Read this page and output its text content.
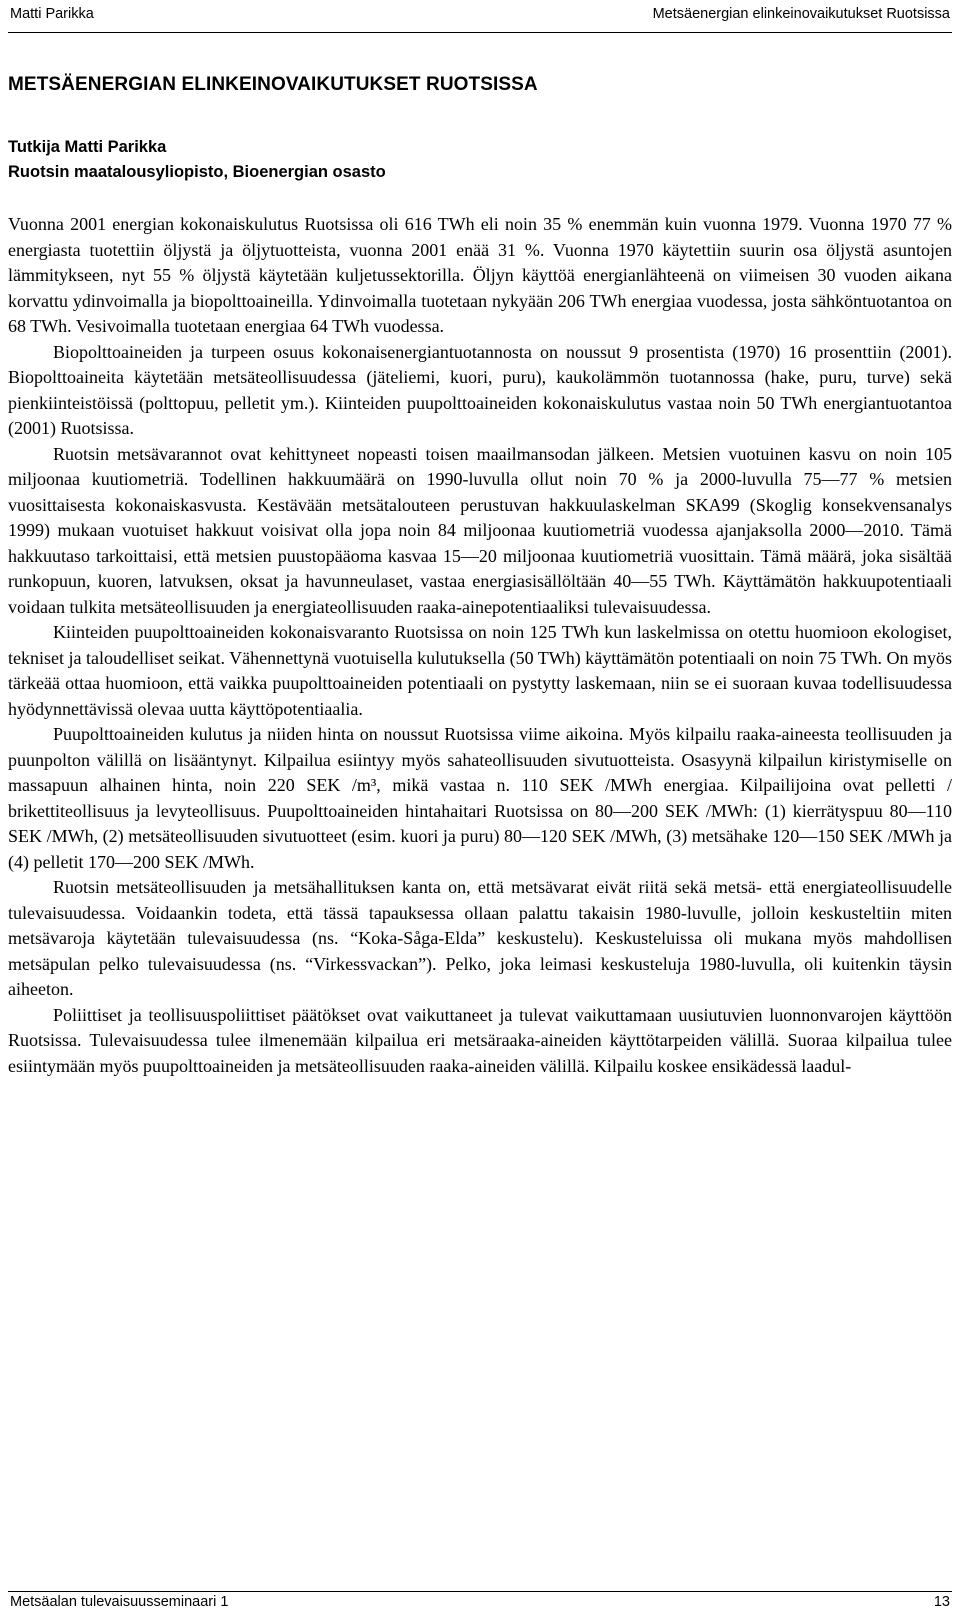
Matti Parikka	Metsäenergian elinkeinovaikutukset Ruotsissa
METSÄENERGIAN ELINKEINOVAIKUTUKSET RUOTSISSA
Tutkija Matti Parikka
Ruotsin maatalousyliopisto, Bioenergian osasto

Vuonna 2001 energian kokonaiskulutus Ruotsissa oli 616 TWh eli noin 35 % enemmän kuin vuonna 1979. Vuonna 1970 77 % energiasta tuotettiin öljystä ja öljytuotteista, vuonna 2001 enää 31 %. Vuonna 1970 käytettiin suurin osa öljystä asuntojen lämmitykseen, nyt 55 % öljystä käytetään kuljetussektorilla. Öljyn käyttöä energianlähteenä on viimeisen 30 vuoden aikana korvattu ydinvoimalla ja biopolttoaineilla. Ydinvoimalla tuotetaan nykyään 206 TWh energiaa vuodessa, josta sähköntuotantoa on 68 TWh. Vesivoimalla tuotetaan energiaa 64 TWh vuodessa.

Biopolttoaineiden ja turpeen osuus kokonaisenergiantuotannosta on noussut 9 prosentista (1970) 16 prosenttiin (2001). Biopolttoaineita käytetään metsäteollisuudessa (jäteliemi, kuori, puru), kaukolämmön tuotannossa (hake, puru, turve) sekä pienkiinteistöissä (polttopuu, pelletit ym.). Kiinteiden puupolttoaineiden kokonaiskulutus vastaa noin 50 TWh energiantuotantoa (2001) Ruotsissa.

Ruotsin metsävarannot ovat kehittyneet nopeasti toisen maailmansodan jälkeen. Metsien vuotuinen kasvu on noin 105 miljoonaa kuutiometriä. Todellinen hakkuumäärä on 1990-luvulla ollut noin 70 % ja 2000-luvulla 75—77 % metsien vuosittaisesta kokonaiskasvusta. Kestävään metsätalouteen perustuvan hakkuulaskelman SKA99 (Skoglig konsekvensanalys 1999) mukaan vuotuiset hakkuut voisivat olla jopa noin 84 miljoonaa kuutiometriä vuodessa ajanjaksolla 2000—2010. Tämä hakkuutaso tarkoittaisi, että metsien puustopääoma kasvaa 15—20 miljoonaa kuutiometriä vuosittain. Tämä määrä, joka sisältää runkopuun, kuoren, latvuksen, oksat ja havunneulaset, vastaa energiasisällöltään 40—55 TWh. Käyttämätön hakkuupotentiaali voidaan tulkita metsäteollisuuden ja energiateollisuuden raaka-ainepotentiaaliksi tulevaisuudessa.

Kiinteiden puupolttoaineiden kokonaisvaranto Ruotsissa on noin 125 TWh kun laskelmissa on otettu huomioon ekologiset, tekniset ja taloudelliset seikat. Vähennettynä vuotuisella kulutuksella (50 TWh) käyttämätön potentiaali on noin 75 TWh. On myös tärkeää ottaa huomioon, että vaikka puupolttoaineiden potentiaali on pystytty laskemaan, niin se ei suoraan kuvaa todellisuudessa hyödynnettävissä olevaa uutta käyttöpotentiaalia.

Puupolttoaineiden kulutus ja niiden hinta on noussut Ruotsissa viime aikoina. Myös kilpailu raaka-aineesta teollisuuden ja puunpolton välillä on lisääntynyt. Kilpailua esiintyy myös sahateollisuuden sivutuotteista. Osasyynä kilpailun kiristymiselle on massapuun alhainen hinta, noin 220 SEK /m³, mikä vastaa n. 110 SEK /MWh energiaa. Kilpailijoina ovat pelletti / brikettiteollisuus ja levyteollisuus. Puupolttoaineiden hintahaitari Ruotsissa on 80—200 SEK /MWh: (1) kierrätyspuu 80—110 SEK /MWh, (2) metsäteollisuuden sivutuotteet (esim. kuori ja puru) 80—120 SEK /MWh, (3) metsähake 120—150 SEK /MWh ja (4) pelletit 170—200 SEK /MWh.

Ruotsin metsäteollisuuden ja metsähallituksen kanta on, että metsävarat eivät riitä sekä metsä- että energiateollisuudelle tulevaisuudessa. Voidaankin todeta, että tässä tapauksessa ollaan palattu takaisin 1980-luvulle, jolloin keskusteltiin miten metsävaroja käytetään tulevaisuudessa (ns. “Koka-Såga-Elda” keskustelu). Keskusteluissa oli mukana myös mahdollisen metsäpulan pelko tulevaisuudessa (ns. “Virkessvackan”). Pelko, joka leimasi keskusteluja 1980-luvulla, oli kuitenkin täysin aiheeton.

Poliittiset ja teollisuuspoliittiset päätökset ovat vaikuttaneet ja tulevat vaikuttamaan uusiutuvien luonnonvarojen käyttöön Ruotsissa. Tulevaisuudessa tulee ilmenemään kilpailua eri metsäraaka-aineiden käyttötarpeiden välillä. Suoraa kilpailua tulee esiintymään myös puupolttoaineiden ja metsäteollisuuden raaka-aineiden välillä. Kilpailu koskee ensikädessä laadul-

Metsäalan tulevaisuusseminaari 1	13
